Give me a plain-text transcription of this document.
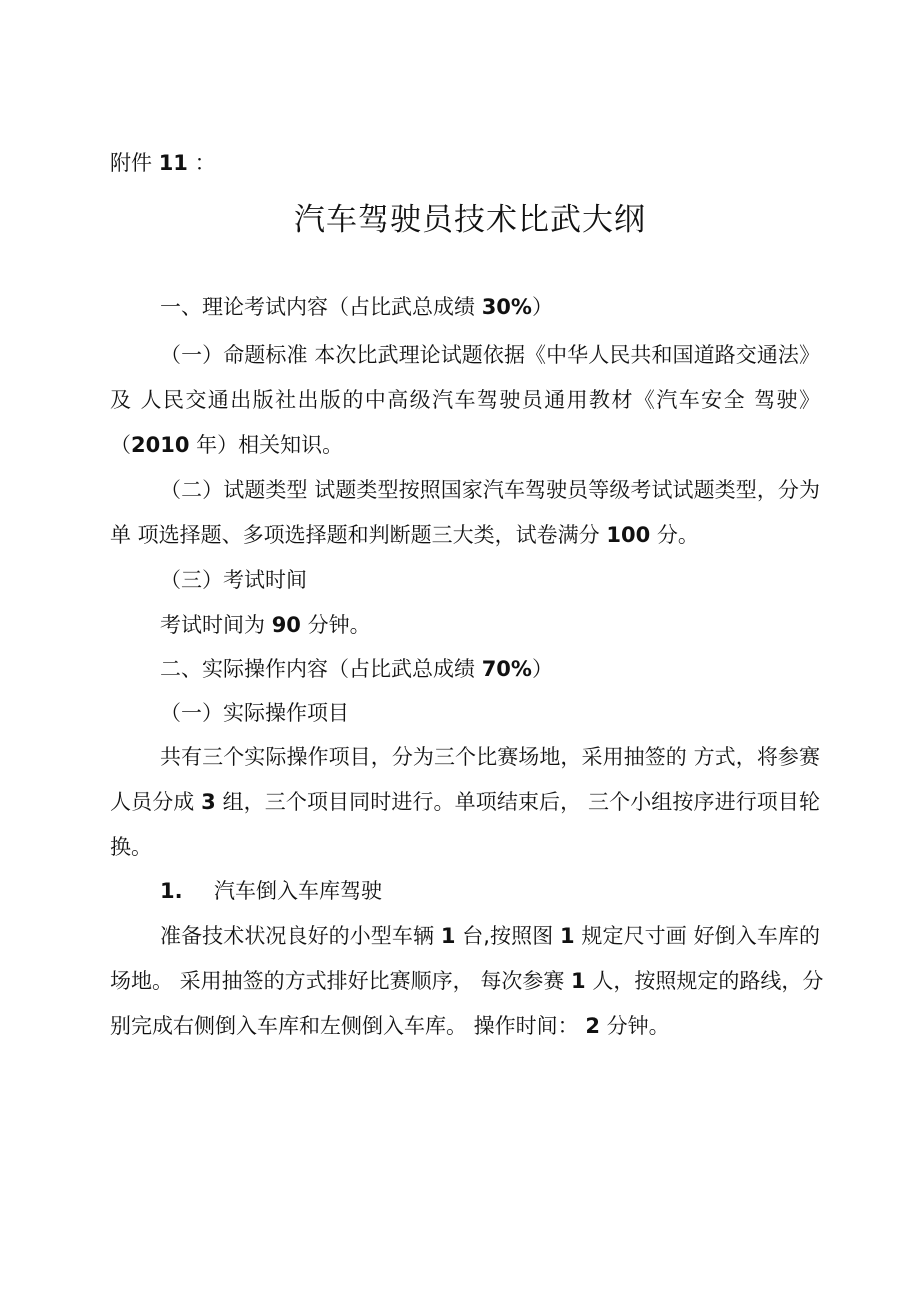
附件 11 ：
汽车驾驶员技术比武大纲
一、理论考试内容（占比武总成绩 30%）
（一）命题标准 本次比武理论试题依据《中华人民共和国道路交通法》
及 人民交通出版社出版的中高级汽车驾驶员通用教材《汽车安全 驾驶》
（2010 年）相关知识。
（二）试题类型 试题类型按照国家汽车驾驶员等级考试试题类型，分为
单 项选择题、多项选择题和判断题三大类，试卷满分 100 分。
（三）考试时间
考试时间为 90 分钟。
二、实际操作内容（占比武总成绩 70%）
（一）实际操作项目
共有三个实际操作项目，分为三个比赛场地，采用抽签的 方式，将参赛
人员分成 3 组，三个项目同时进行。单项结束后， 三个小组按序进行项目轮
换。
1. 汽车倒入车库驾驶
准备技术状况良好的小型车辆 1 台,按照图 1 规定尺寸画 好倒入车库的
场地。 采用抽签的方式排好比赛顺序， 每次参赛 1 人，按照规定的路线，分
别完成右侧倒入车库和左侧倒入车库。 操作时间： 2 分钟。
